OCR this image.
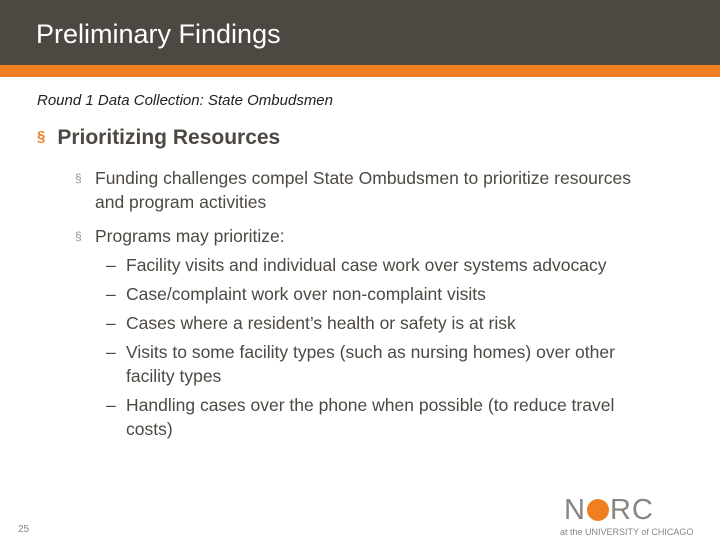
Preliminary Findings
Round 1 Data Collection: State Ombudsmen
§ Prioritizing Resources
§ Funding challenges compel State Ombudsmen to prioritize resources and program activities
§ Programs may prioritize:
– Facility visits and individual case work over systems advocacy
– Case/complaint work over non-complaint visits
– Cases where a resident’s health or safety is at risk
– Visits to some facility types (such as nursing homes) over other facility types
– Handling cases over the phone when possible (to reduce travel costs)
25
N RC
at the UNIVERSITY of CHICAGO
